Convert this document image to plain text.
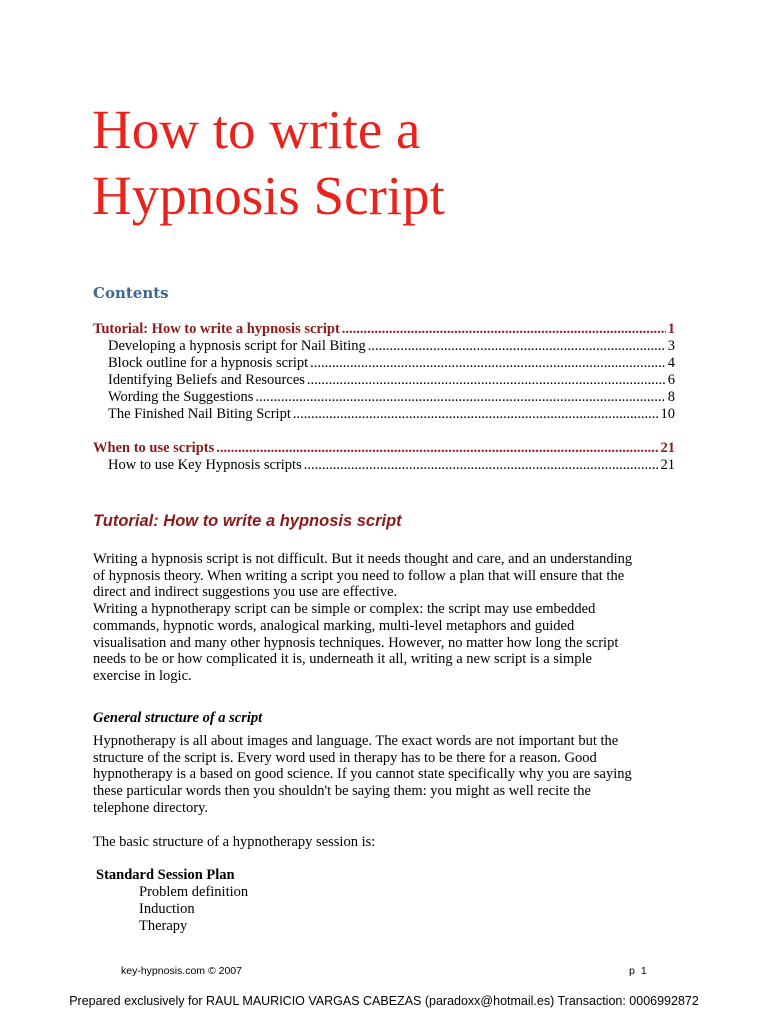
How to write a
Hypnosis Script
Contents
Tutorial: How to write a hypnosis script .....	1
Developing a hypnosis script for Nail Biting .....	3
Block outline for a hypnosis script .....	4
Identifying Beliefs and Resources .....	6
Wording the Suggestions .....	8
The Finished Nail Biting Script .....	10
When to use scripts .....	21
How to use Key Hypnosis scripts .....	21
Tutorial: How to write a hypnosis script

Writing a hypnosis script is not difficult. But it needs thought and care, and an understanding

of hypnosis theory. When writing a script you need to follow a plan that will ensure that the

direct and indirect suggestions you use are effective.

Writing a hypnotherapy script can be simple or complex: the script may use embedded

commands, hypnotic words, analogical marking, multi-level metaphors and guided

visualisation and many other hypnosis techniques. However, no matter how long the script

needs to be or how complicated it is, underneath it all, writing a new script is a simple

exercise in logic.

General structure of a script

Hypnotherapy is all about images and language. The exact words are not important but the

structure of the script is. Every word used in therapy has to be there for a reason. Good

hypnotherapy is a based on good science. If you cannot state specifically why you are saying

these particular words then you shouldn't be saying them: you might as well recite the

telephone directory.

The basic structure of a hypnotherapy session is:

Standard Session Plan
Problem definition
Induction
Therapy
key-hypnosis.com © 2007	p 1
Prepared exclusively for RAUL MAURICIO VARGAS CABEZAS (paradoxx@hotmail.es) Transaction: 0006992872
